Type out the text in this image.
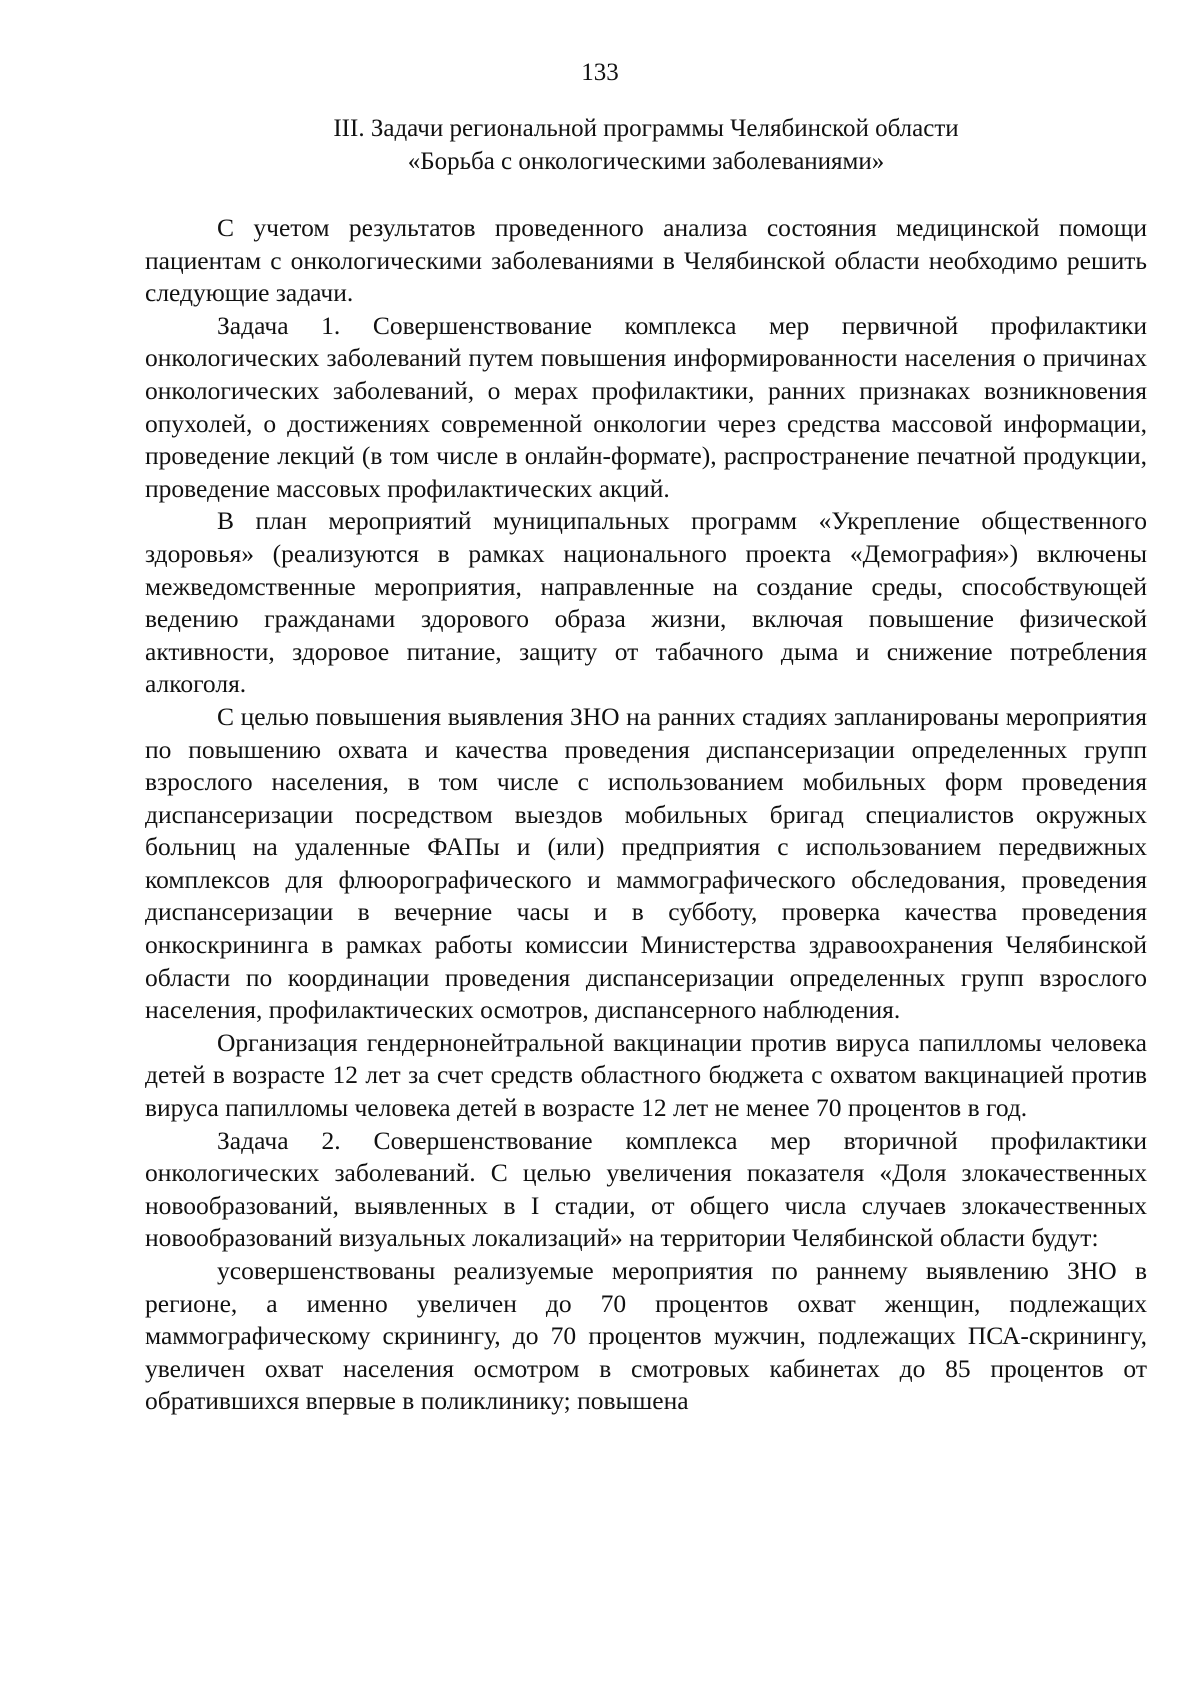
133
III. Задачи региональной программы Челябинской области
«Борьба с онкологическими заболеваниями»

С учетом результатов проведенного анализа состояния медицинской помощи пациентам с онкологическими заболеваниями в Челябинской области необходимо решить следующие задачи.

Задача 1. Совершенствование комплекса мер первичной профилактики онкологических заболеваний путем повышения информированности населения о причинах онкологических заболеваний, о мерах профилактики, ранних признаках возникновения опухолей, о достижениях современной онкологии через средства массовой информации, проведение лекций (в том числе в онлайн-формате), распространение печатной продукции, проведение массовых профилактических акций.

В план мероприятий муниципальных программ «Укрепление общественного здоровья» (реализуются в рамках национального проекта «Демография») включены межведомственные мероприятия, направленные на создание среды, способствующей ведению гражданами здорового образа жизни, включая повышение физической активности, здоровое питание, защиту от табачного дыма и снижение потребления алкоголя.

С целью повышения выявления ЗНО на ранних стадиях запланированы мероприятия по повышению охвата и качества проведения диспансеризации определенных групп взрослого населения, в том числе с использованием мобильных форм проведения диспансеризации посредством выездов мобильных бригад специалистов окружных больниц на удаленные ФАПы и (или) предприятия с использованием передвижных комплексов для флюорографического и маммографического обследования, проведения диспансеризации в вечерние часы и в субботу, проверка качества проведения онкоскрининга в рамках работы комиссии Министерства здравоохранения Челябинской области по координации проведения диспансеризации определенных групп взрослого населения, профилактических осмотров, диспансерного наблюдения.

Организация гендернонейтральной вакцинации против вируса папилломы человека детей в возрасте 12 лет за счет средств областного бюджета с охватом вакцинацией против вируса папилломы человека детей в возрасте 12 лет не менее 70 процентов в год.

Задача 2. Совершенствование комплекса мер вторичной профилактики онкологических заболеваний. С целью увеличения показателя «Доля злокачественных новообразований, выявленных в I стадии, от общего числа случаев злокачественных новообразований визуальных локализаций» на территории Челябинской области будут:

усовершенствованы реализуемые мероприятия по раннему выявлению ЗНО в регионе, а именно увеличен до 70 процентов охват женщин, подлежащих маммографическому скринингу, до 70 процентов мужчин, подлежащих ПСА-скринингу, увеличен охват населения осмотром в смотровых кабинетах до 85 процентов от обратившихся впервые в поликлинику; повышена
